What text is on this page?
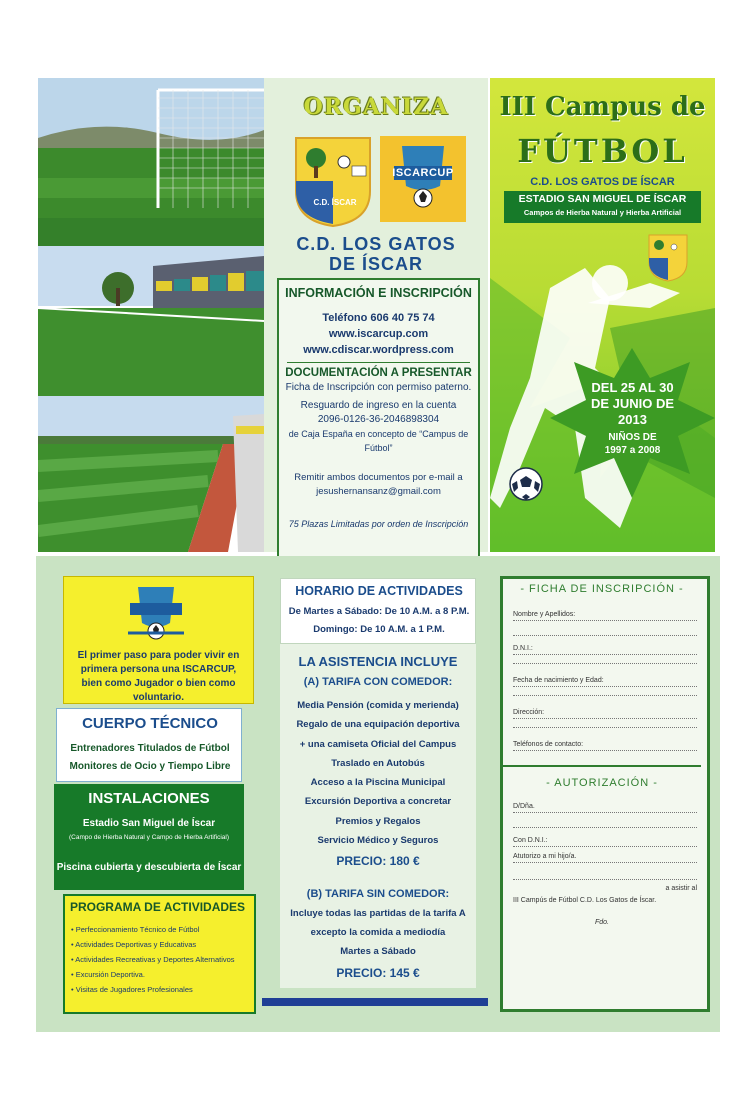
ORGANIZA
C.D. ÍSCAR
ISCARCUP
C.D. LOS GATOS
DE ÍSCAR
INFORMACIÓN E INSCRIPCIÓN
Teléfono 606 40 75 74
www.iscarcup.com
www.cdiscar.wordpress.com
DOCUMENTACIÓN A PRESENTAR
Ficha de Inscripción con permiso paterno.
Resguardo de ingreso en la cuenta
2096-0126-36-2046898304
de Caja España en concepto de “Campus de Fútbol”
Remitir ambos documentos por e-mail a
jesushernansanz@gmail.com
75 Plazas Limitadas por orden de Inscripción
III Campus de
FÚTBOL
C.D. LOS GATOS DE ÍSCAR
ESTADIO SAN MIGUEL DE ÍSCAR
Campos de Hierba Natural y Hierba Artificial
DEL 25 AL 30
DE JUNIO DE
2013
NIÑOS DE
1997 a 2008
El primer paso para poder vivir en primera persona una ISCARCUP, bien como Jugador o bien como voluntario.
CUERPO TÉCNICO
Entrenadores Titulados de Fútbol
Monitores de Ocio y Tiempo Libre
INSTALACIONES
Estadio San Miguel de Íscar
(Campo de Hierba Natural y Campo de Hierba Artificial)
Piscina cubierta y descubierta de Íscar
PROGRAMA DE ACTIVIDADES
• Perfeccionamiento Técnico de Fútbol
• Actividades Deportivas y Educativas
• Actividades Recreativas y Deportes Alternativos
• Excursión Deportiva.
• Visitas de Jugadores Profesionales
HORARIO DE ACTIVIDADES
De Martes a Sábado: De 10 A.M. a 8 P.M.
Domingo: De 10 A.M. a 1 P.M.
LA ASISTENCIA INCLUYE
(A) TARIFA CON COMEDOR:
Media Pensión (comida y merienda)
Regalo de una equipación deportiva
+ una camiseta Oficial del Campus
Traslado en Autobús
Acceso a la Piscina Municipal
Excursión Deportiva a concretar
Premios y Regalos
Servicio Médico y Seguros
PRECIO: 180 €
(B) TARIFA SIN COMEDOR:
Incluye todas las partidas de la tarifa A
excepto la comida a mediodía
Martes a Sábado
PRECIO: 145 €
- FICHA DE INSCRIPCIÓN -
Nombre y Apellidos:
D.N.I.:
Fecha de nacimiento y Edad:
Dirección:
Teléfonos de contacto:
- AUTORIZACIÓN -
D/Dña.
Con D.N.I.:
Atutorizo a mi hijo/a.
a asistir al
III Campús de Fútbol C.D. Los Gatos de Íscar.
Fdo.
